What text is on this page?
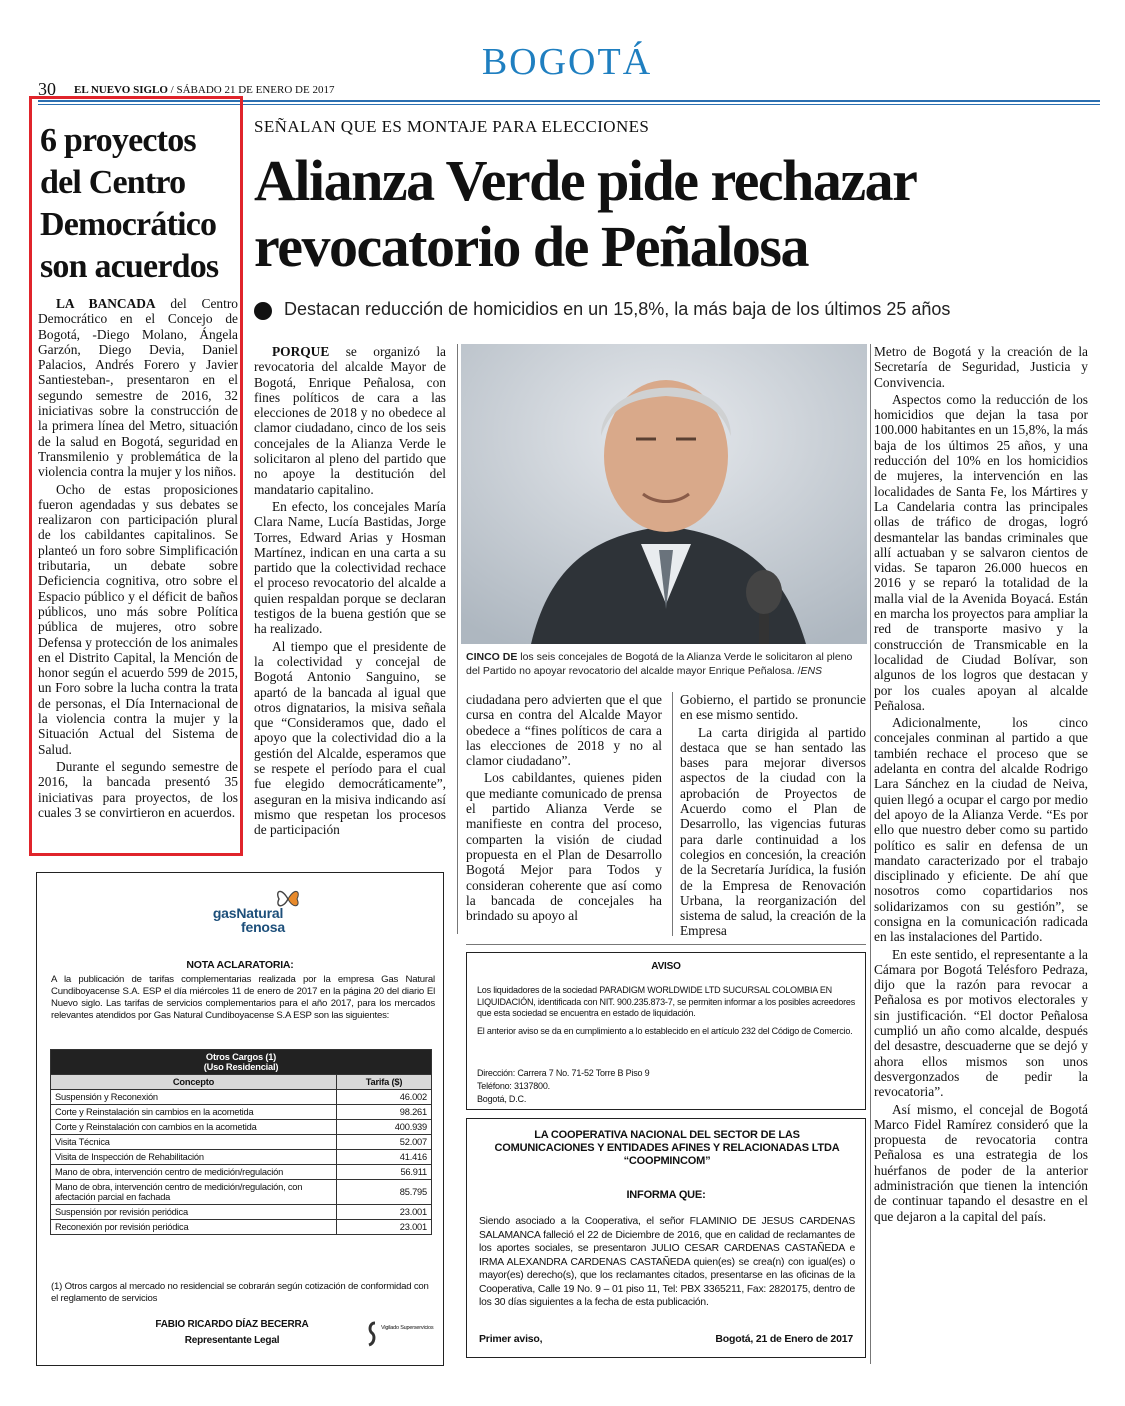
BOGOTÁ
30 EL NUEVO SIGLO / SÁBADO 21 DE ENERO DE 2017
6 proyectos del Centro Democrático son acuerdos

LA BANCADA del Centro Democrático en el Concejo de Bogotá, -Diego Molano, Ángela Garzón, Diego Devia, Daniel Palacios, Andrés Forero y Javier Santiesteban-, presentaron en el segundo semestre de 2016, 32 iniciativas sobre la construcción de la primera línea del Metro, situación de la salud en Bogotá, seguridad en Transmilenio y problemática de la violencia contra la mujer y los niños.

Ocho de estas proposiciones fueron agendadas y sus debates se realizaron con participación plural de los cabildantes capitalinos. Se planteó un foro sobre Simplificación tributaria, un debate sobre Deficiencia cognitiva, otro sobre el Espacio público y el déficit de baños públicos, uno más sobre Política pública de mujeres, otro sobre Defensa y protección de los animales en el Distrito Capital, la Mención de honor según el acuerdo 599 de 2015, un Foro sobre la lucha contra la trata de personas, el Día Internacional de la violencia contra la mujer y la Situación Actual del Sistema de Salud.

Durante el segundo semestre de 2016, la bancada presentó 35 iniciativas para proyectos, de los cuales 3 se convirtieron en acuerdos.

SEÑALAN QUE ES MONTAJE PARA ELECCIONES
Alianza Verde pide rechazar revocatorio de Peñalosa
Destacan reducción de homicidios en un 15,8%, la más baja de los últimos 25 años

PORQUE se organizó la revocatoria del alcalde Mayor de Bogotá, Enrique Peñalosa, con fines políticos de cara a las elecciones de 2018 y no obedece al clamor ciudadano, cinco de los seis concejales de la Alianza Verde le solicitaron al pleno del partido que no apoye la destitución del mandatario capitalino.

En efecto, los concejales María Clara Name, Lucía Bastidas, Jorge Torres, Edward Arias y Hosman Martínez, indican en una carta a su partido que la colectividad rechace el proceso revocatorio del alcalde a quien respaldan porque se declaran testigos de la buena gestión que se ha realizado.

Al tiempo que el presidente de la colectividad y concejal de Bogotá Antonio Sanguino, se apartó de la bancada al igual que otros dignatarios, la misiva señala que “Consideramos que, dado el apoyo que la colectividad dio a la gestión del Alcalde, esperamos que se respete el período para el cual fue elegido democráticamente”, aseguran en la misiva indicando así mismo que respetan los procesos de participación

CINCO DE los seis concejales de Bogotá de la Alianza Verde le solicitaron al pleno del Partido no apoyar revocatorio del alcalde mayor Enrique Peñalosa. /ENS

ciudadana pero advierten que el que cursa en contra del Alcalde Mayor obedece a “fines políticos de cara a las elecciones de 2018 y no al clamor ciudadano”.

Los cabildantes, quienes piden que mediante comunicado de prensa el partido Alianza Verde se manifieste en contra del proceso, comparten la visión de ciudad propuesta en el Plan de Desarrollo Bogotá Mejor para Todos y consideran coherente que así como la bancada de concejales ha brindado su apoyo al

Gobierno, el partido se pronuncie en ese mismo sentido.

La carta dirigida al partido destaca que se han sentado las bases para mejorar diversos aspectos de la ciudad con la aprobación de Proyectos de Acuerdo como el Plan de Desarrollo, las vigencias futuras para darle continuidad a los colegios en concesión, la creación de la Secretaría Jurídica, la fusión de la Empresa de Renovación Urbana, la reorganización del sistema de salud, la creación de la Empresa

Metro de Bogotá y la creación de la Secretaría de Seguridad, Justicia y Convivencia.

Aspectos como la reducción de los homicidios que dejan la tasa por 100.000 habitantes en un 15,8%, la más baja de los últimos 25 años, y una reducción del 10% en los homicidios de mujeres, la intervención en las localidades de Santa Fe, los Mártires y La Candelaria contra las principales ollas de tráfico de drogas, logró desmantelar las bandas criminales que allí actuaban y se salvaron cientos de vidas. Se taparon 26.000 huecos en 2016 y se reparó la totalidad de la malla vial de la Avenida Boyacá. Están en marcha los proyectos para ampliar la red de transporte masivo y la construcción de Transmicable en la localidad de Ciudad Bolívar, son algunos de los logros que destacan y por los cuales apoyan al alcalde Peñalosa.

Adicionalmente, los cinco concejales conminan al partido a que también rechace el proceso que se adelanta en contra del alcalde Rodrigo Lara Sánchez en la ciudad de Neiva, quien llegó a ocupar el cargo por medio del apoyo de la Alianza Verde. “Es por ello que nuestro deber como su partido político es salir en defensa de un mandato caracterizado por el trabajo disciplinado y eficiente. De ahí que nosotros como copartidarios nos solidarizamos con su gestión”, se consigna en la comunicación radicada en las instalaciones del Partido.

En este sentido, el representante a la Cámara por Bogotá Telésforo Pedraza, dijo que la razón para revocar a Peñalosa es por motivos electorales y sin justificación. “El doctor Peñalosa cumplió un año como alcalde, después del desastre, descuaderne que se dejó y ahora ellos mismos son unos desvergonzados de pedir la revocatoria”.

Así mismo, el concejal de Bogotá Marco Fidel Ramírez consideró que la propuesta de revocatoria contra Peñalosa es una estrategia de los huérfanos de poder de la anterior administración que tienen la intención de continuar tapando el desastre en el que dejaron a la capital del país.

gasNatural
fenosa
NOTA ACLARATORIA:
A la publicación de tarifas complementarias realizada por la empresa Gas Natural Cundiboyacense S.A. ESP el día miércoles 11 de enero de 2017 en la página 20 del diario El Nuevo siglo. Las tarifas de servicios complementarios para el año 2017, para los mercados relevantes atendidos por Gas Natural Cundiboyacense S.A ESP son las siguientes:
Otros Cargos (1)
(Uso Residencial)	
Concepto	Tarifa ($)
Suspensión y Reconexión	46.002
Corte y Reinstalación sin cambios en la acometida	98.261
Corte y Reinstalación con cambios en la acometida	400.939
Visita Técnica	52.007
Visita de Inspección de Rehabilitación	41.416
Mano de obra, intervención centro de medición/regulación	56.911
Mano de obra, intervención centro de medición/regulación, con afectación parcial en fachada	85.795
Suspensión por revisión periódica	23.001
Reconexión por revisión periódica	23.001
(1) Otros cargos al mercado no residencial se cobrarán según cotización de conformidad con el reglamento de servicios
FABIO RICARDO DÍAZ BECERRA
Representante Legal
Vigilado Superservicios
AVISO
Los liquidadores de la sociedad PARADIGM WORLDWIDE LTD SUCURSAL COLOMBIA EN LIQUIDACIÓN, identificada con NIT. 900.235.873-7, se permiten informar a los posibles acreedores que esta sociedad se encuentra en estado de liquidación.
El anterior aviso se da en cumplimiento a lo establecido en el artículo 232 del Código de Comercio.
Dirección: Carrera 7 No. 71-52 Torre B Piso 9
Teléfono: 3137800.
Bogotá, D.C.
LA COOPERATIVA NACIONAL DEL SECTOR DE LAS COMUNICACIONES Y ENTIDADES AFINES Y RELACIONADAS LTDA “COOPMINCOM”
INFORMA QUE:
Siendo asociado a la Cooperativa, el señor FLAMINIO DE JESUS CARDENAS SALAMANCA falleció el 22 de Diciembre de 2016, que en calidad de reclamantes de los aportes sociales, se presentaron JULIO CESAR CARDENAS CASTAÑEDA e IRMA ALEXANDRA CARDENAS CASTAÑEDA quien(es) se crea(n) con igual(es) o mayor(es) derecho(s), que los reclamantes citados, presentarse en las oficinas de la Cooperativa, Calle 19 No. 9 – 01 piso 11, Tel: PBX 3365211, Fax: 2820175, dentro de los 30 días siguientes a la fecha de esta publicación.
Primer aviso,	Bogotá, 21 de Enero de 2017
